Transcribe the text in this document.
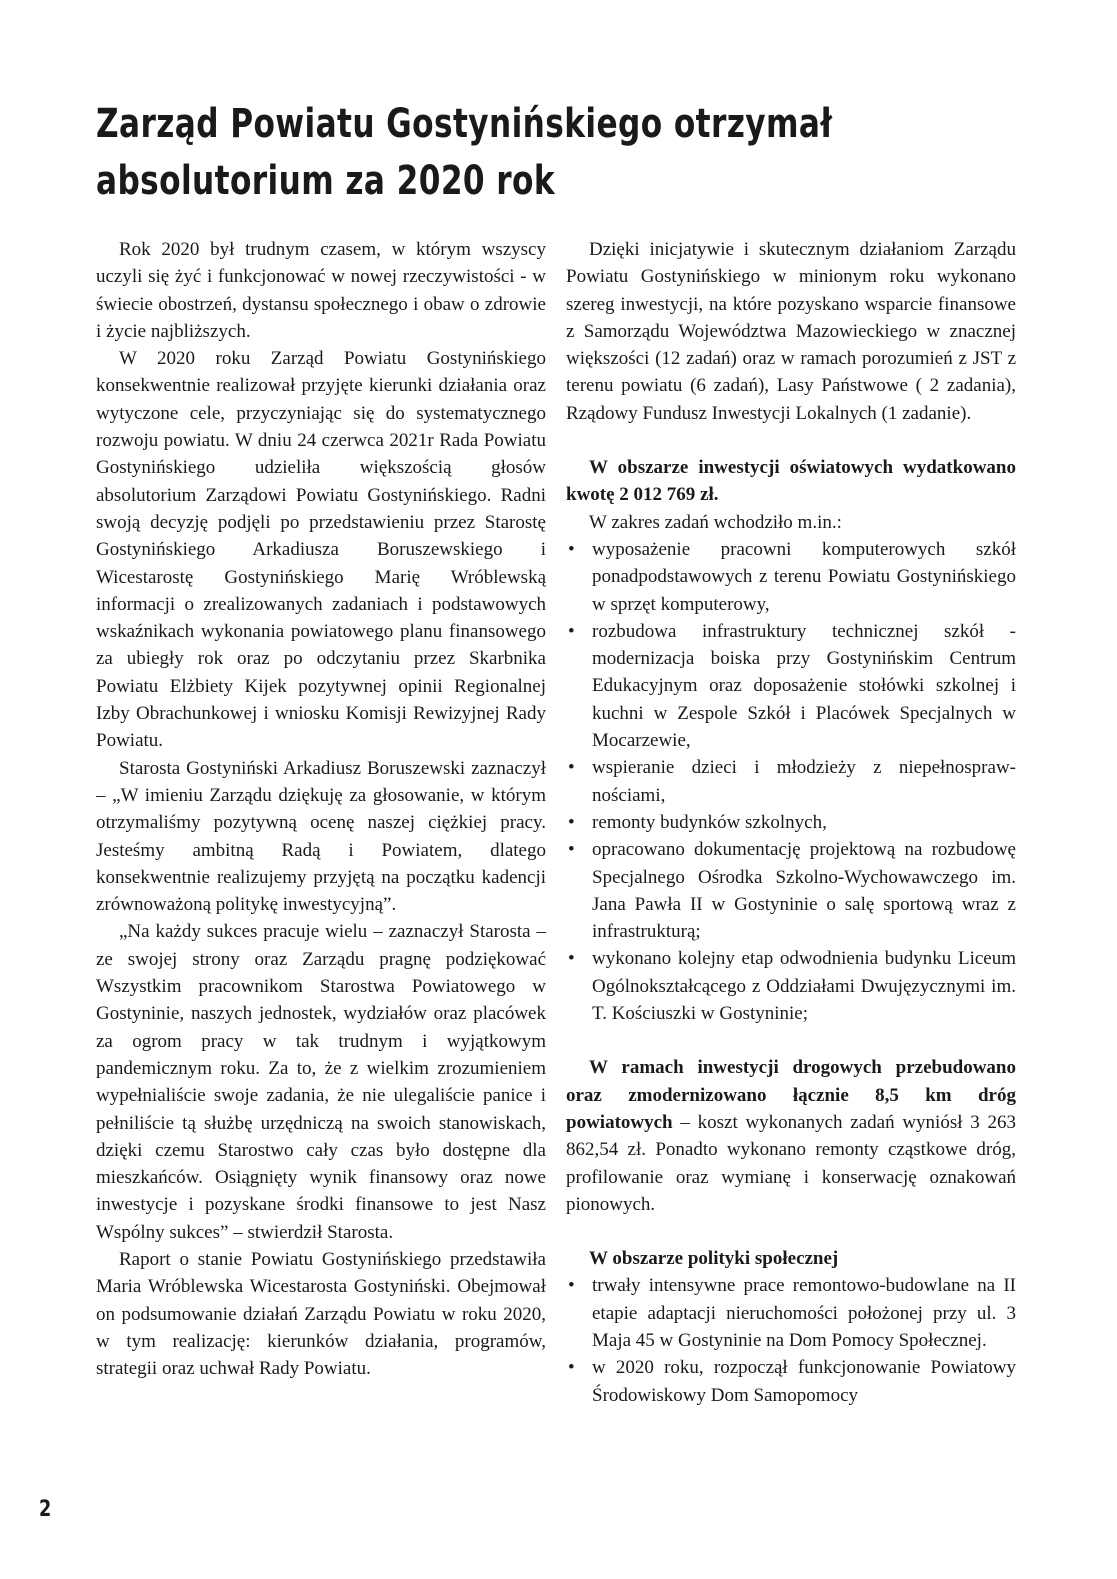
Zarząd Powiatu Gostynińskiego otrzymał
absolutorium za 2020 rok

Rok 2020 był trudnym czasem, w którym wszyscy uczyli się żyć i funkcjonować w nowej rzeczywistości - w świecie obostrzeń, dystansu społecznego i obaw o zdrowie i życie najbliższych.

W 2020 roku Zarząd Powiatu Gostynińskiego konsekwentnie realizował przyjęte kierunki działania oraz wytyczone cele, przyczyniając się do systematycznego rozwoju powiatu. W dniu 24 czerwca 2021r Rada Powiatu Gostynińskiego udzieliła większością głosów absolutorium Zarządowi Powiatu Gostynińskiego. Radni swoją decyzję podjęli po przedstawieniu przez Starostę Gostynińskiego Arkadiusza Boruszewskiego i Wicestarostę Gostynińskiego Marię Wróblewską informacji o zrealizowanych zadaniach i podstawowych wskaźnikach wykonania powiatowego planu finansowego za ubiegły rok oraz po odczytaniu przez Skarbnika Powiatu Elżbiety Kijek pozytywnej opinii Regionalnej Izby Obrachunkowej i wniosku Komisji Rewizyjnej Rady Powiatu.

Starosta Gostyniński Arkadiusz Boruszewski zaznaczył – „W imieniu Zarządu dziękuję za głosowanie, w którym otrzymaliśmy pozytywną ocenę naszej ciężkiej pracy. Jesteśmy ambitną Radą i Powiatem, dlatego konsekwentnie realizujemy przyjętą na początku kadencji zrównoważoną politykę inwestycyjną”.

„Na każdy sukces pracuje wielu – zaznaczył Starosta – ze swojej strony oraz Zarządu pragnę podziękować Wszystkim pracownikom Starostwa Powiatowego w Gostyninie, naszych jednostek, wydziałów oraz placówek za ogrom pracy w tak trudnym i wyjątkowym pandemicznym roku. Za to, że z wielkim zrozumieniem wypełnialiście swoje zadania, że nie ulegaliście panice i pełniliście tą służbę urzędniczą na swoich stanowiskach, dzięki czemu Starostwo cały czas było dostępne dla mieszkańców. Osiągnięty wynik finansowy oraz nowe inwestycje i pozyskane środki finansowe to jest Nasz Wspólny sukces” – stwierdził Starosta.

Raport o stanie Powiatu Gostynińskiego przedstawiła Maria Wróblewska Wicestarosta Gostyniński. Obejmował on podsumowanie działań Zarządu Powiatu w roku 2020, w tym realizację: kierunków działania, programów, strategii oraz uchwał Rady Powiatu.

Dzięki inicjatywie i skutecznym działaniom Zarządu Powiatu Gostynińskiego w minionym roku wykonano szereg inwestycji, na które pozyskano wsparcie finansowe z Samorządu Województwa Mazowieckiego w znacznej większości (12 zadań) oraz w ramach porozumień z JST z terenu powiatu (6 zadań), Lasy Państwowe ( 2 zadania), Rządowy Fundusz Inwestycji Lokalnych (1 zadanie).

W obszarze inwestycji oświatowych wydatkowano kwotę 2 012 769 zł.

W zakres zadań wchodziło m.in.:

• wyposażenie pracowni komputerowych szkół ponadpodstawowych z terenu Powiatu Gostynińskiego w sprzęt komputerowy,
• rozbudowa infrastruktury technicznej szkół - modernizacja boiska przy Gostynińskim Centrum Edukacyjnym oraz doposażenie stołówki szkolnej i kuchni w Zespole Szkół i Placówek Specjalnych w Mocarzewie,
• wspieranie dzieci i młodzieży z niepełnosprawnościami,
• remonty budynków szkolnych,
• opracowano dokumentację projektową na rozbudowę Specjalnego Ośrodka Szkolno-Wychowawczego im. Jana Pawła II w Gostyninie o salę sportową wraz z infrastrukturą;
• wykonano kolejny etap odwodnienia budynku Liceum Ogólnokształcącego z Oddziałami Dwujęzycznymi im. T. Kościuszki w Gostyninie;

W ramach inwestycji drogowych przebudowano oraz zmodernizowano łącznie 8,5 km dróg powiatowych – koszt wykonanych zadań wyniósł 3 263 862,54 zł. Ponadto wykonano remonty cząstkowe dróg, profilowanie oraz wymianę i konserwację oznakowań pionowych.

W obszarze polityki społecznej

• trwały intensywne prace remontowo-budowlane na II etapie adaptacji nieruchomości położonej przy ul. 3 Maja 45 w Gostyninie na Dom Pomocy Społecznej.
• w 2020 roku, rozpoczął funkcjonowanie Powiatowy Środowiskowy Dom Samopomocy
2
